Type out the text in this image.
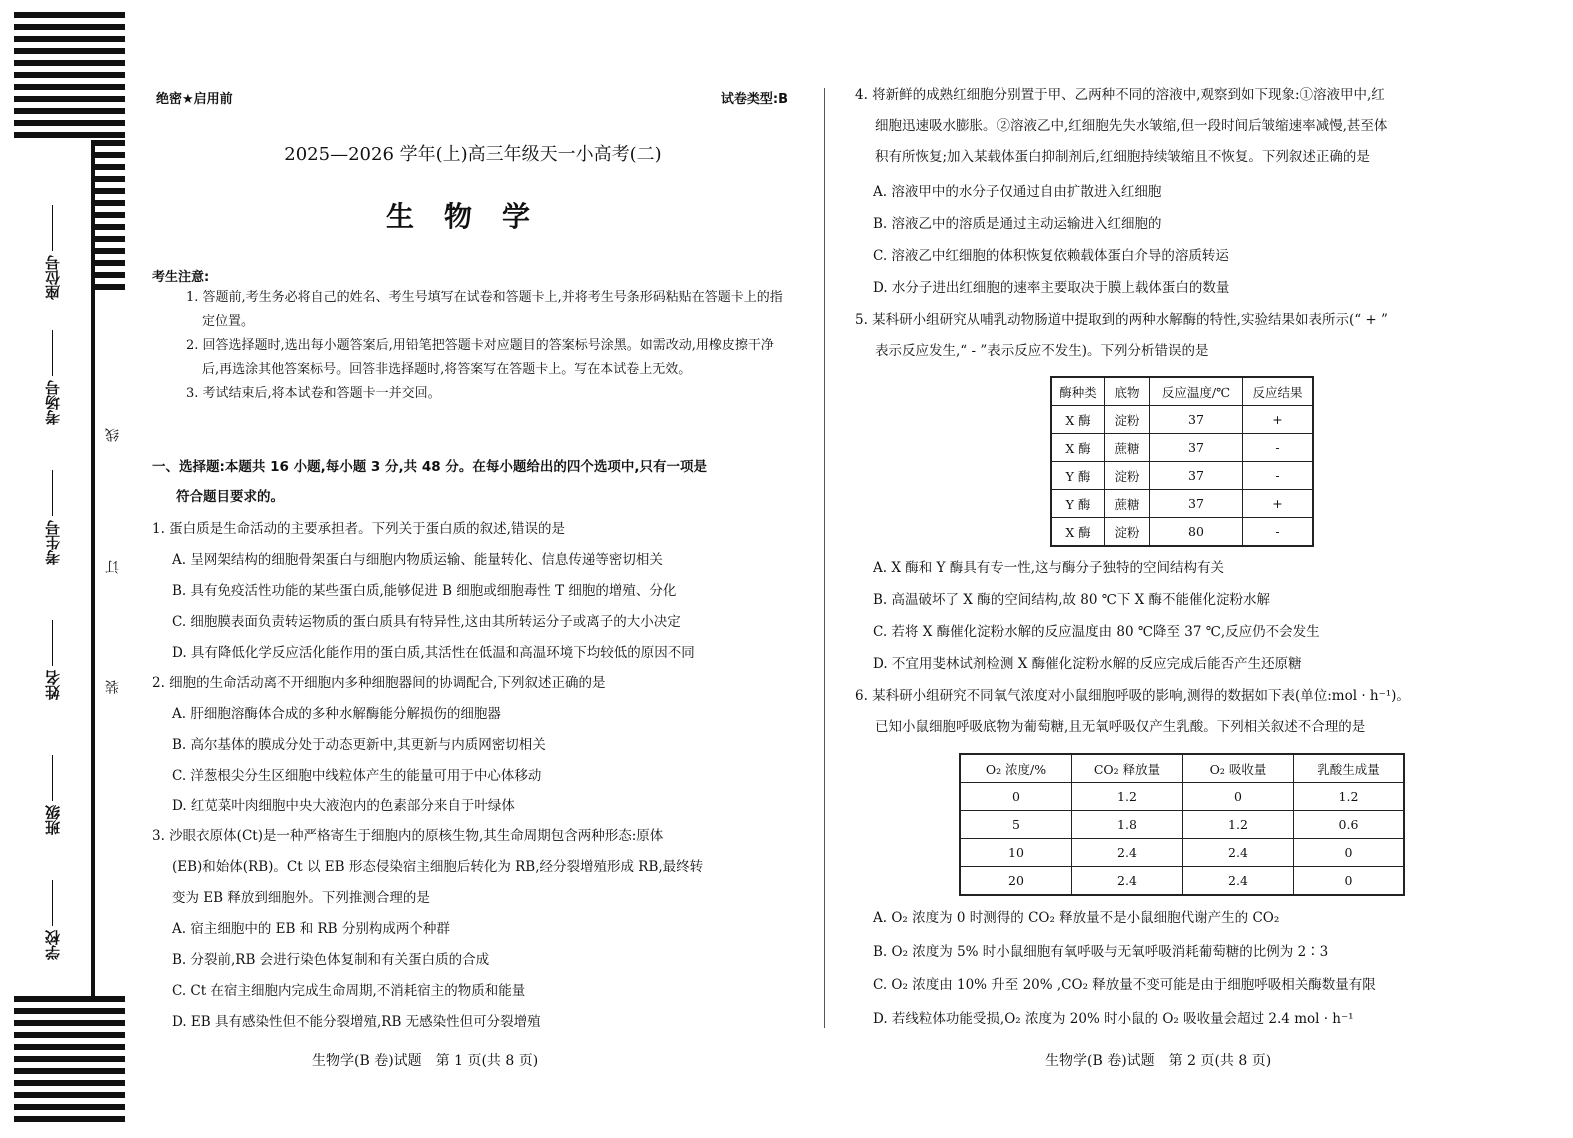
座位号
考场号
考生号
姓名
班级
学校
线
订
装
绝密★启用前	试卷类型:B
2025—2026 学年(上)高三年级天一小高考(二)
生物学
考生注意:
1. 答题前,考生务必将自己的姓名、考生号填写在试卷和答题卡上,并将考生号条形码粘贴在答题卡上的指定位置。
2. 回答选择题时,选出每小题答案后,用铅笔把答题卡对应题目的答案标号涂黑。如需改动,用橡皮擦干净后,再选涂其他答案标号。回答非选择题时,将答案写在答题卡上。写在本试卷上无效。
3. 考试结束后,将本试卷和答题卡一并交回。
一、选择题:本题共 16 小题,每小题 3 分,共 48 分。在每小题给出的四个选项中,只有一项是
符合题目要求的。
1. 蛋白质是生命活动的主要承担者。下列关于蛋白质的叙述,错误的是
A. 呈网架结构的细胞骨架蛋白与细胞内物质运输、能量转化、信息传递等密切相关
B. 具有免疫活性功能的某些蛋白质,能够促进 B 细胞或细胞毒性 T 细胞的增殖、分化
C. 细胞膜表面负责转运物质的蛋白质具有特异性,这由其所转运分子或离子的大小决定
D. 具有降低化学反应活化能作用的蛋白质,其活性在低温和高温环境下均较低的原因不同
2. 细胞的生命活动离不开细胞内多种细胞器间的协调配合,下列叙述正确的是
A. 肝细胞溶酶体合成的多种水解酶能分解损伤的细胞器
B. 高尔基体的膜成分处于动态更新中,其更新与内质网密切相关
C. 洋葱根尖分生区细胞中线粒体产生的能量可用于中心体移动
D. 红苋菜叶肉细胞中央大液泡内的色素部分来自于叶绿体
3. 沙眼衣原体(Ct)是一种严格寄生于细胞内的原核生物,其生命周期包含两种形态:原体
(EB)和始体(RB)。Ct 以 EB 形态侵染宿主细胞后转化为 RB,经分裂增殖形成 RB,最终转
变为 EB 释放到细胞外。下列推测合理的是
A. 宿主细胞中的 EB 和 RB 分别构成两个种群
B. 分裂前,RB 会进行染色体复制和有关蛋白质的合成
C. Ct 在宿主细胞内完成生命周期,不消耗宿主的物质和能量
D. EB 具有感染性但不能分裂增殖,RB 无感染性但可分裂增殖
生物学(B 卷)试题　第 1 页(共 8 页)
4. 将新鲜的成熟红细胞分别置于甲、乙两种不同的溶液中,观察到如下现象:①溶液甲中,红
细胞迅速吸水膨胀。②溶液乙中,红细胞先失水皱缩,但一段时间后皱缩速率减慢,甚至体
积有所恢复;加入某载体蛋白抑制剂后,红细胞持续皱缩且不恢复。下列叙述正确的是
A. 溶液甲中的水分子仅通过自由扩散进入红细胞
B. 溶液乙中的溶质是通过主动运输进入红细胞的
C. 溶液乙中红细胞的体积恢复依赖载体蛋白介导的溶质转运
D. 水分子进出红细胞的速率主要取决于膜上载体蛋白的数量
5. 某科研小组研究从哺乳动物肠道中提取到的两种水解酶的特性,实验结果如表所示(“ + ”
表示反应发生,“ - ”表示反应不发生)。下列分析错误的是
酶种类	底物	反应温度/℃	反应结果
X 酶	淀粉	37	+
X 酶	蔗糖	37	-
Y 酶	淀粉	37	-
Y 酶	蔗糖	37	+
X 酶	淀粉	80	-
A. X 酶和 Y 酶具有专一性,这与酶分子独特的空间结构有关
B. 高温破坏了 X 酶的空间结构,故 80 ℃下 X 酶不能催化淀粉水解
C. 若将 X 酶催化淀粉水解的反应温度由 80 ℃降至 37 ℃,反应仍不会发生
D. 不宜用斐林试剂检测 X 酶催化淀粉水解的反应完成后能否产生还原糖
6. 某科研小组研究不同氧气浓度对小鼠细胞呼吸的影响,测得的数据如下表(单位:mol · h⁻¹)。
已知小鼠细胞呼吸底物为葡萄糖,且无氧呼吸仅产生乳酸。下列相关叙述不合理的是
O₂ 浓度/%	CO₂ 释放量	O₂ 吸收量	乳酸生成量
0	1.2	0	1.2
5	1.8	1.2	0.6
10	2.4	2.4	0
20	2.4	2.4	0
A. O₂ 浓度为 0 时测得的 CO₂ 释放量不是小鼠细胞代谢产生的 CO₂
B. O₂ 浓度为 5% 时小鼠细胞有氧呼吸与无氧呼吸消耗葡萄糖的比例为 2∶3
C. O₂ 浓度由 10% 升至 20% ,CO₂ 释放量不变可能是由于细胞呼吸相关酶数量有限
D. 若线粒体功能受损,O₂ 浓度为 20% 时小鼠的 O₂ 吸收量会超过 2.4 mol · h⁻¹
生物学(B 卷)试题　第 2 页(共 8 页)
